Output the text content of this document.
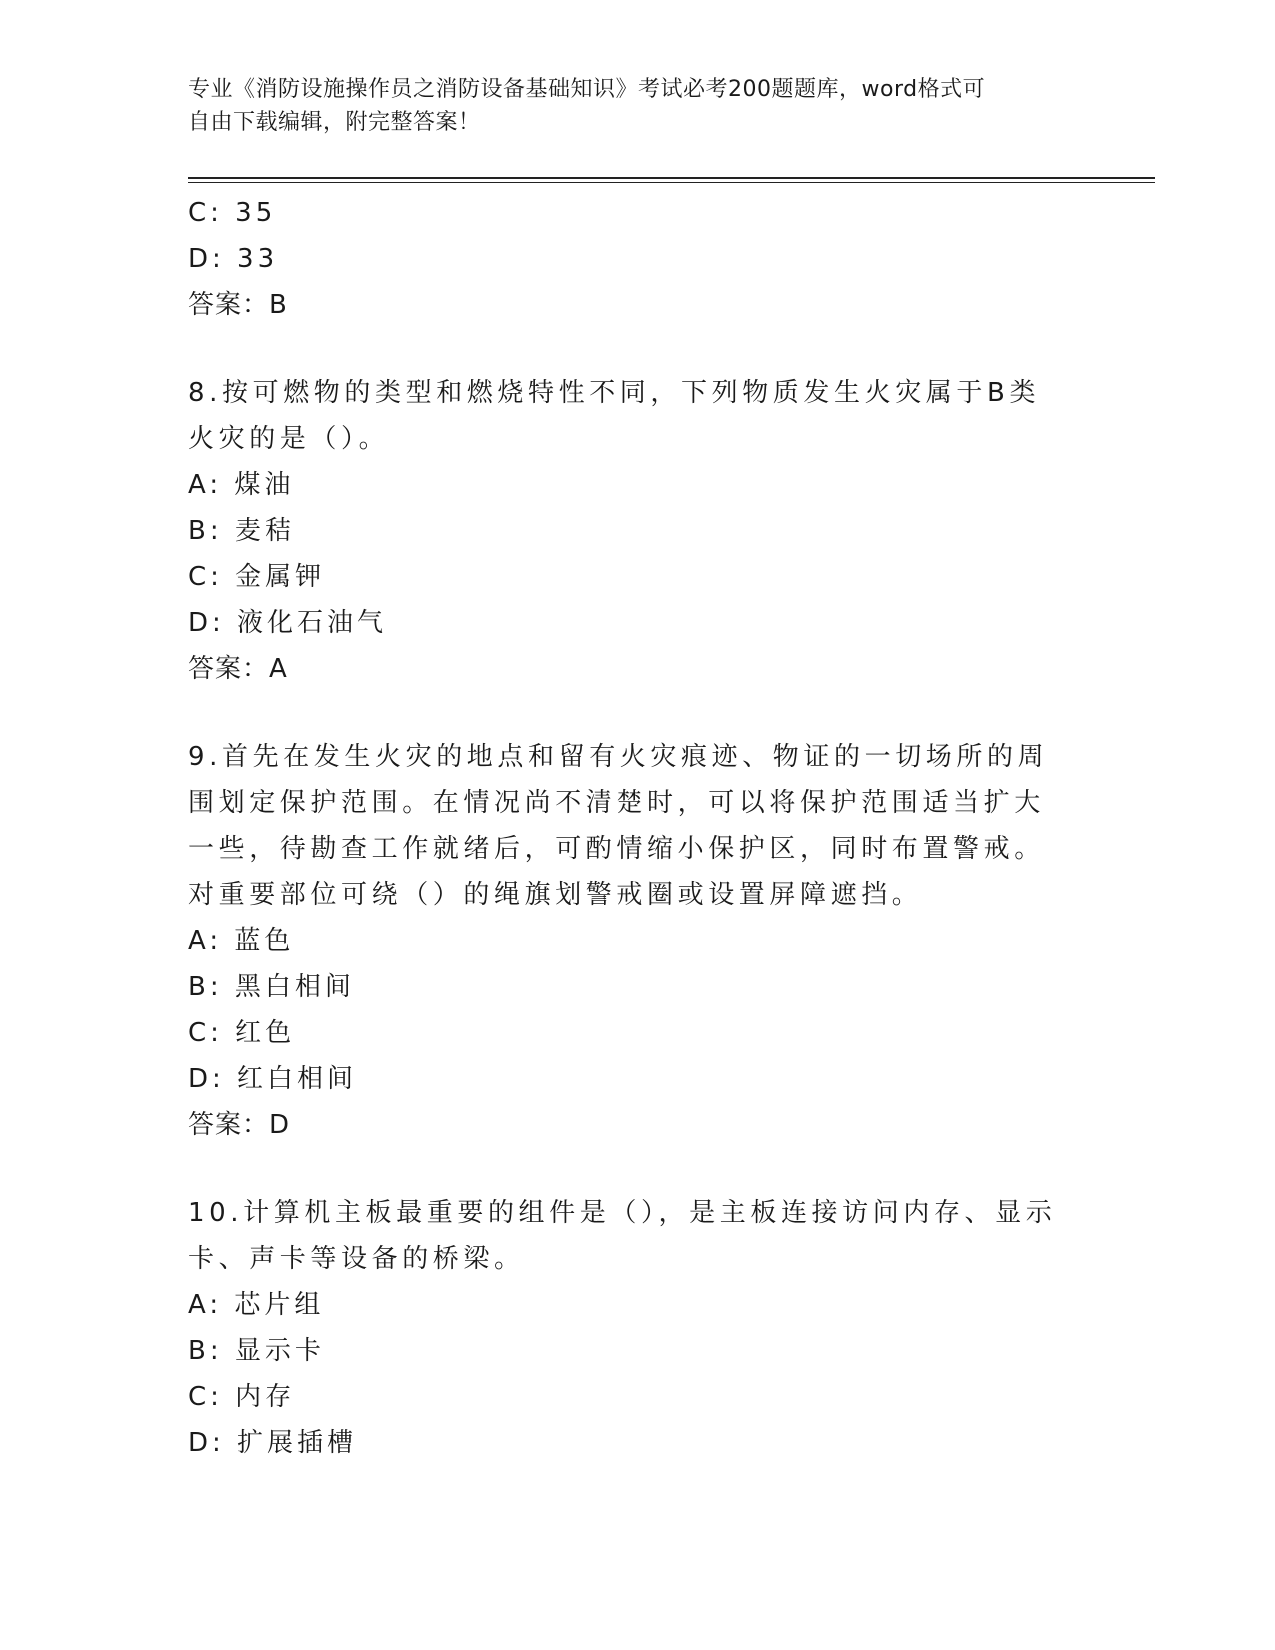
专业《消防设施操作员之消防设备基础知识》考试必考200题题库，word格式可
自由下载编辑，附完整答案！
C: 35
D: 33
答案：B
8.按可燃物的类型和燃烧特性不同，下列物质发生火灾属于B类火灾的是（）。
A: 煤油
B: 麦秸
C: 金属钾
D: 液化石油气
答案：A
9.首先在发生火灾的地点和留有火灾痕迹、物证的一切场所的周围划定保护范围。在情况尚不清楚时，可以将保护范围适当扩大一些，待勘查工作就绪后，可酌情缩小保护区，同时布置警戒。对重要部位可绕（）的绳旗划警戒圈或设置屏障遮挡。
A: 蓝色
B: 黑白相间
C: 红色
D: 红白相间
答案：D
10.计算机主板最重要的组件是（），是主板连接访问内存、显示卡、声卡等设备的桥梁。
A: 芯片组
B: 显示卡
C: 内存
D: 扩展插槽
